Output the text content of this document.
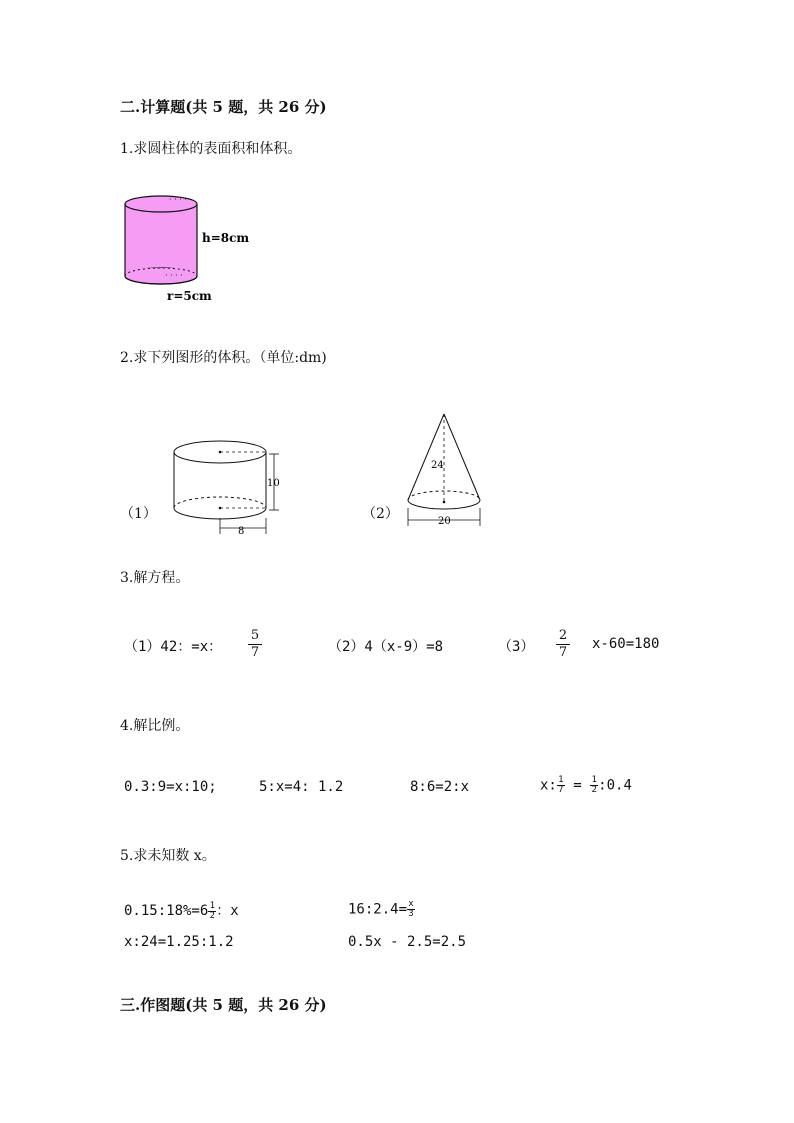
二.计算题(共 5 题，共 26 分)
1.求圆柱体的表面积和体积。
· · · ·
· · · ·
h=8cm
r=5cm
2.求下列图形的体积。（单位:dm)
（1）
10
8
（2）
24
20
3.解方程。
（1）42：=x：
5
7	（2）4（x-9）=8	（3）
2
7
x-60=180
4.解比例。
0.3:9=x:10;	5:x=4: 1.2	8:6=2:x	$x:\frac{1}{7}$ = $\frac{1}{2}:0.4$
5.求未知数 x。
$0.15:18\%=6\frac{1}{2}$：x	$16:2.4=\frac{x}{3}$
x:24=1.25:1.2	0.5x - 2.5=2.5
三.作图题(共 5 题，共 26 分)
